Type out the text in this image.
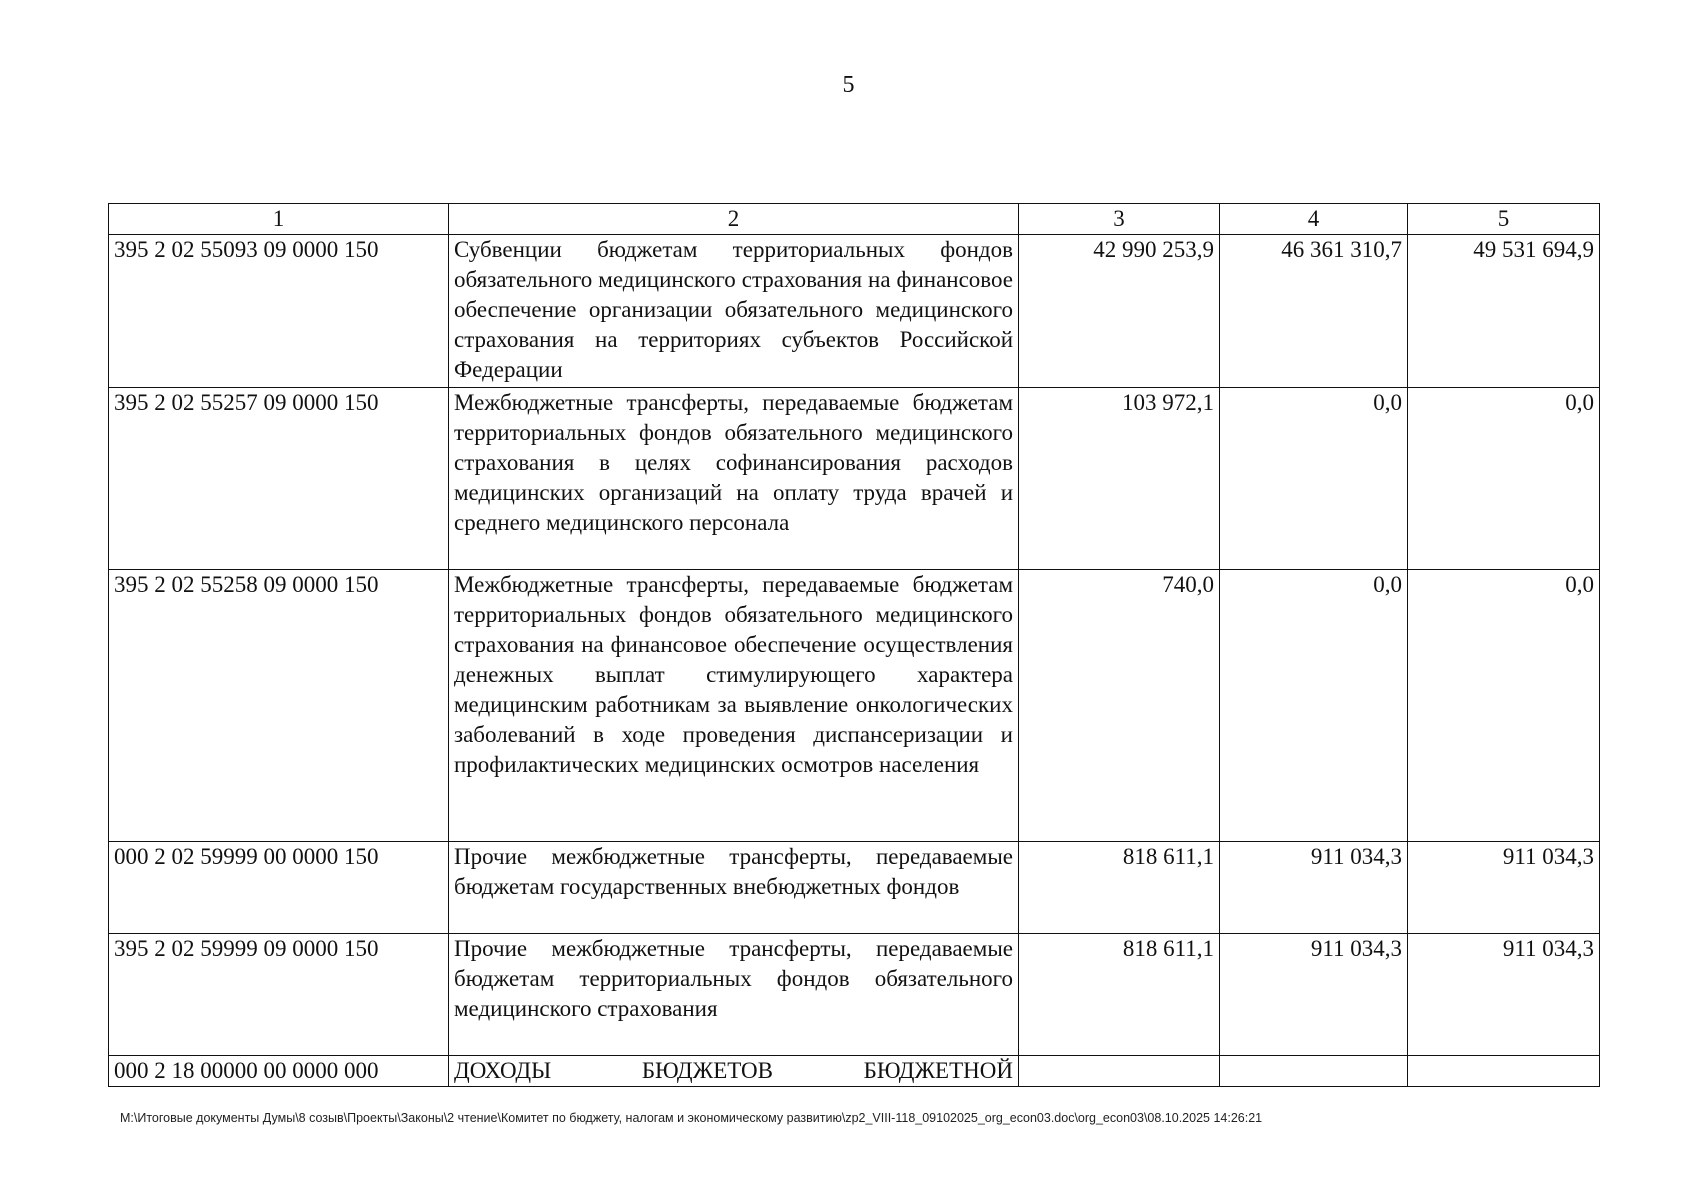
5
1	2	3	4	5
395 2 02 55093 09 0000 150	Субвенции бюджетам территориальных фондов обязательного медицинского страхования на финансовое обеспечение организации обязательного медицинского страхования на территориях субъектов Российской Федерации	42 990 253,9	46 361 310,7	49 531 694,9
395 2 02 55257 09 0000 150	Межбюджетные трансферты, передаваемые бюджетам территориальных фондов обязательного медицинского страхования в целях софинансирования расходов медицинских организаций на оплату труда врачей и среднего медицинского персонала	103 972,1	0,0	0,0
395 2 02 55258 09 0000 150	Межбюджетные трансферты, передаваемые бюджетам территориальных фондов обязательного медицинского страхования на финансовое обеспечение осуществления денежных выплат стимулирующего характера медицинским работникам за выявление онкологических заболеваний в ходе проведения диспансеризации и профилактических медицинских осмотров населения	740,0	0,0	0,0
000 2 02 59999 00 0000 150	Прочие межбюджетные трансферты, передаваемые бюджетам государственных внебюджетных фондов	818 611,1	911 034,3	911 034,3
395 2 02 59999 09 0000 150	Прочие межбюджетные трансферты, передаваемые бюджетам территориальных фондов обязательного медицинского страхования	818 611,1	911 034,3	911 034,3
000 2 18 00000 00 0000 000	ДОХОДЫ БЮДЖЕТОВ БЮДЖЕТНОЙ			
M:\Итоговые документы Думы\8 созыв\Проекты\Законы\2 чтение\Комитет по бюджету, налогам и экономическому развитию\zp2_VIII-118_09102025_org_econ03.doc\org_econ03\08.10.2025 14:26:21
